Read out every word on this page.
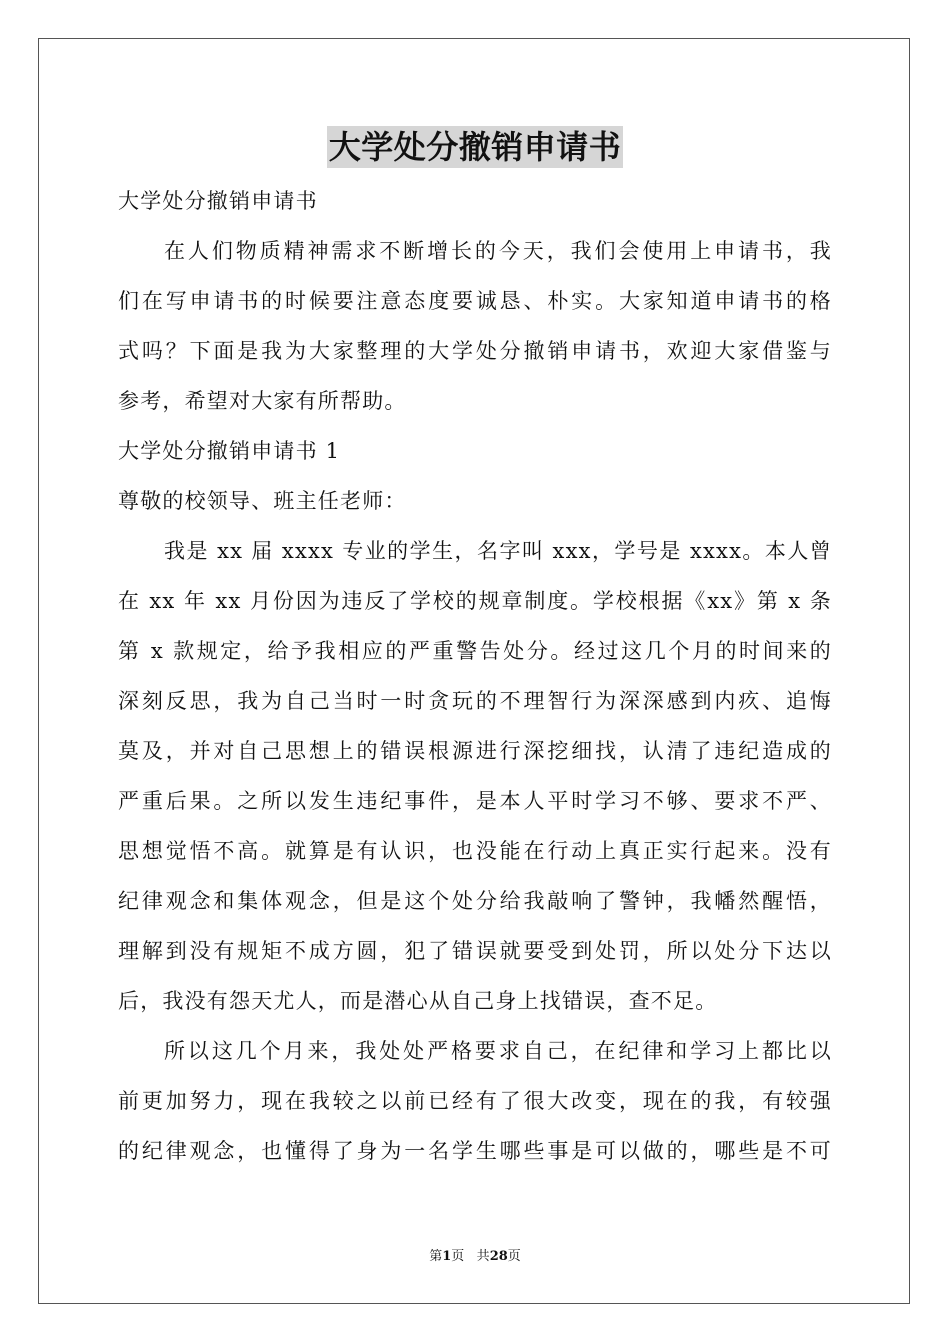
大学处分撤销申请书
大学处分撤销申请书
在人们物质精神需求不断增长的今天，我们会使用上申请书，我
们在写申请书的时候要注意态度要诚恳、朴实。大家知道申请书的格
式吗？下面是我为大家整理的大学处分撤销申请书，欢迎大家借鉴与
参考，希望对大家有所帮助。
大学处分撤销申请书 1
尊敬的校领导、班主任老师：
我是 xx 届 xxxx 专业的学生，名字叫 xxx，学号是 xxxx。本人曾
在 xx 年 xx 月份因为违反了学校的规章制度。学校根据《xx》第 x 条
第 x 款规定，给予我相应的严重警告处分。经过这几个月的时间来的
深刻反思，我为自己当时一时贪玩的不理智行为深深感到内疚、追悔
莫及，并对自己思想上的错误根源进行深挖细找，认清了违纪造成的
严重后果。之所以发生违纪事件，是本人平时学习不够、要求不严、
思想觉悟不高。就算是有认识，也没能在行动上真正实行起来。没有
纪律观念和集体观念，但是这个处分给我敲响了警钟，我幡然醒悟，
理解到没有规矩不成方圆，犯了错误就要受到处罚，所以处分下达以
后，我没有怨天尤人，而是潜心从自己身上找错误，查不足。
所以这几个月来，我处处严格要求自己，在纪律和学习上都比以
前更加努力，现在我较之以前已经有了很大改变，现在的我，有较强
的纪律观念，也懂得了身为一名学生哪些事是可以做的，哪些是不可
第1页 共28页
